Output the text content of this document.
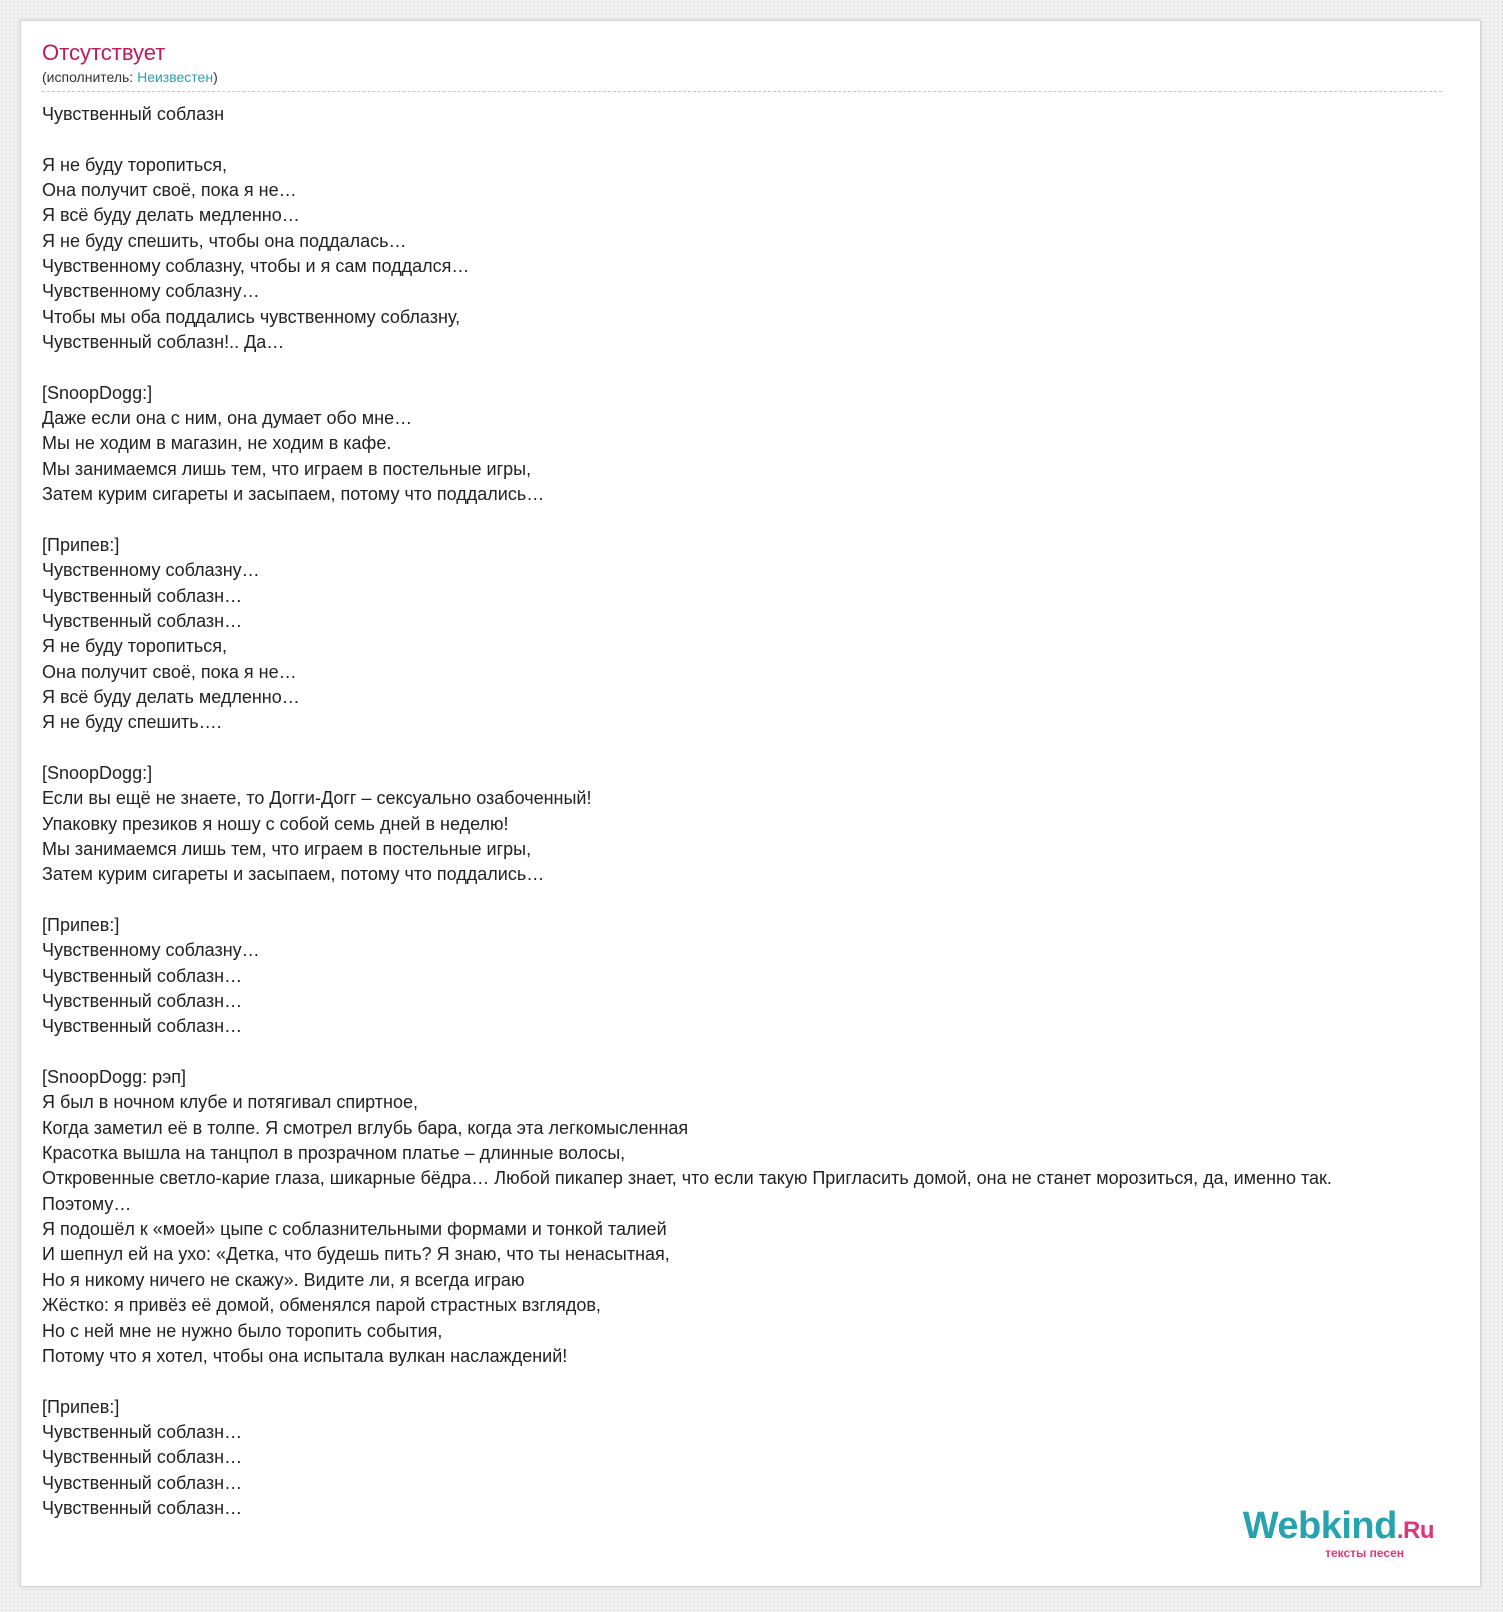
Отсутствует
(исполнитель: Неизвестен)
Чувственный соблазн

Я не буду торопиться,
Она получит своё, пока я не…
Я всё буду делать медленно…
Я не буду спешить, чтобы она поддалась…
Чувственному соблазну, чтобы и я сам поддался…
Чувственному соблазну…
Чтобы мы оба поддались чувственному соблазну,
Чувственный соблазн!.. Да…

[SnoopDogg:]
Даже если она с ним, она думает обо мне…
Мы не ходим в магазин, не ходим в кафе.
Мы занимаемся лишь тем, что играем в постельные игры,
Затем курим сигареты и засыпаем, потому что поддались…

[Припев:]
Чувственному соблазну…
Чувственный соблазн…
Чувственный соблазн…
Я не буду торопиться,
Она получит своё, пока я не…
Я всё буду делать медленно…
Я не буду спешить….

[SnoopDogg:]
Если вы ещё не знаете, то Догги-Догг – сексуально озабоченный!
Упаковку презиков я ношу с собой семь дней в неделю!
Мы занимаемся лишь тем, что играем в постельные игры,
Затем курим сигареты и засыпаем, потому что поддались…

[Припев:]
Чувственному соблазну…
Чувственный соблазн…
Чувственный соблазн…
Чувственный соблазн…

[SnoopDogg: рэп]
Я был в ночном клубе и потягивал спиртное,
Когда заметил её в толпе. Я смотрел вглубь бара, когда эта легкомысленная
Красотка вышла на танцпол в прозрачном платье – длинные волосы,
Откровенные светло-карие глаза, шикарные бёдра… Любой пикапер знает, что если такую Пригласить домой, она не станет морозиться, да, именно так.
Поэтому…
Я подошёл к «моей» цыпе с соблазнительными формами и тонкой талией
И шепнул ей на ухо: «Детка, что будешь пить? Я знаю, что ты ненасытная,
Но я никому ничего не скажу». Видите ли, я всегда играю
Жёстко: я привёз её домой, обменялся парой страстных взглядов,
Но с ней мне не нужно было торопить события,
Потому что я хотел, чтобы она испытала вулкан наслаждений!

[Припев:]
Чувственный соблазн…
Чувственный соблазн…
Чувственный соблазн…
Чувственный соблазн…	Webkind.Ru
тексты песен
